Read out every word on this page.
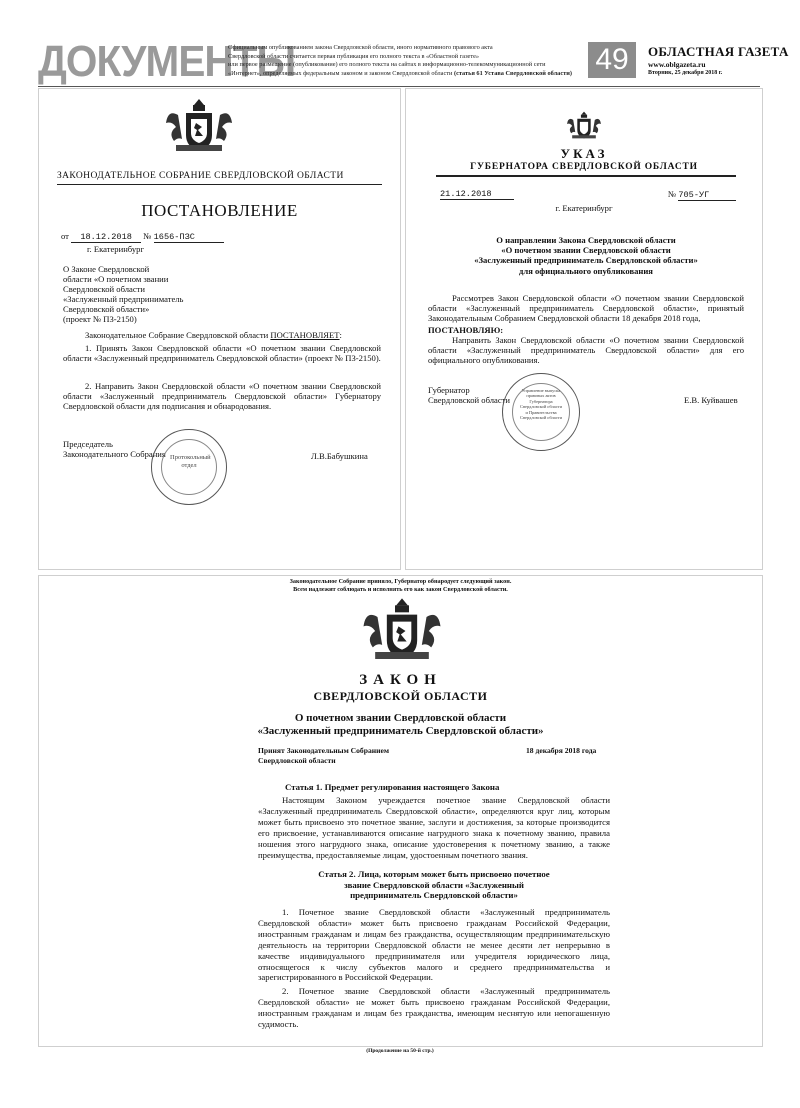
ДОКУМЕНТЫ
Официальным опубликованием закона Свердловской области, иного нормативного правового акта
Свердловской области считается первая публикация его полного текста в «Областной газете»
или первое размещение (опубликование) его полного текста на сайтах в информационно-телекоммуникационной сети
«Интернет», определяемых федеральным законом и законом Свердловской области (статья 61 Устава Свердловской области) 49	ОБЛАСТНАЯ ГАЗЕТА
www.oblgazeta.ru
Вторник, 25 декабря 2018 г.
ЗАКОНОДАТЕЛЬНОЕ СОБРАНИЕ СВЕРДЛОВСКОЙ ОБЛАСТИ
ПОСТАНОВЛЕНИЕ
от 18.12.2018 № 1656-ПЗС
г. Екатеринбург
О Законе Свердловской
области «О почетном звании
Свердловской области
«Заслуженный предприниматель
Свердловской области»
(проект № ПЗ-2150)
Законодательное Собрание Свердловской области ПОСТАНОВЛЯЕТ:
1. Принять Закон Свердловской области «О почетном звании Свердловской области «Заслуженный предприниматель Свердловской области» (проект № ПЗ-2150).
2. Направить Закон Свердловской области «О почетном звании Свердловской области «Заслуженный предприниматель Свердловской области» Губернатору Свердловской области для подписания и обнародования.
Председатель
Законодательного Собрания Протокольный отдел
Л.В.Бабушкина
УКАЗ
ГУБЕРНАТОРА СВЕРДЛОВСКОЙ ОБЛАСТИ
21.12.2018	№ 705-УГ
г. Екатеринбург
О направлении Закона Свердловской области
«О почетном звании Свердловской области
«Заслуженный предприниматель Свердловской области»
для официального опубликования
Рассмотрев Закон Свердловской области «О почетном звании Свердловской области «Заслуженный предприниматель Свердловской области», принятый Законодательным Собранием Свердловской области 18 декабря 2018 года,
ПОСТАНОВЛЯЮ:
Направить Закон Свердловской области «О почетном звании Свердловской области «Заслуженный предприниматель Свердловской области» для его официального опубликования.
Губернатор
Свердловской области
Управление выпуска правовых актов Губернатора Свердловской области и Правительства Свердловской области
Е.В. Куйвашев
Законодательное Собрание приняло, Губернатор обнародует следующий закон.
Всем надлежит соблюдать и исполнять его как закон Свердловской области.
ЗАКОН
СВЕРДЛОВСКОЙ ОБЛАСТИ
О почетном звании Свердловской области
«Заслуженный предприниматель Свердловской области»
Принят Законодательным Собранием
Свердловской области
18 декабря 2018 года
Статья 1. Предмет регулирования настоящего Закона
Настоящим Законом учреждается почетное звание Свердловской области «Заслуженный предприниматель Свердловской области», определяются круг лиц, которым может быть присвоено это почетное звание, заслуги и достижения, за которые производится его присвоение, устанавливаются описание нагрудного знака к почетному званию, правила ношения этого нагрудного знака, описание удостоверения к почетному званию, а также преимущества, предоставляемые лицам, удостоенным почетного звания.
Статья 2. Лица, которым может быть присвоено почетное
звание Свердловской области «Заслуженный
предприниматель Свердловской области»
1. Почетное звание Свердловской области «Заслуженный предприниматель Свердловской области» может быть присвоено гражданам Российской Федерации, иностранным гражданам и лицам без гражданства, осуществляющим предпринимательскую деятельность на территории Свердловской области не менее десяти лет непрерывно в качестве индивидуального предпринимателя или учредителя юридического лица, относящегося к числу субъектов малого и среднего предпринимательства и зарегистрированного в Российской Федерации.
2. Почетное звание Свердловской области «Заслуженный предприниматель Свердловской области» не может быть присвоено гражданам Российской Федерации, иностранным гражданам и лицам без гражданства, имеющим неснятую или непогашенную судимость.
(Продолжение на 50-й стр.)
